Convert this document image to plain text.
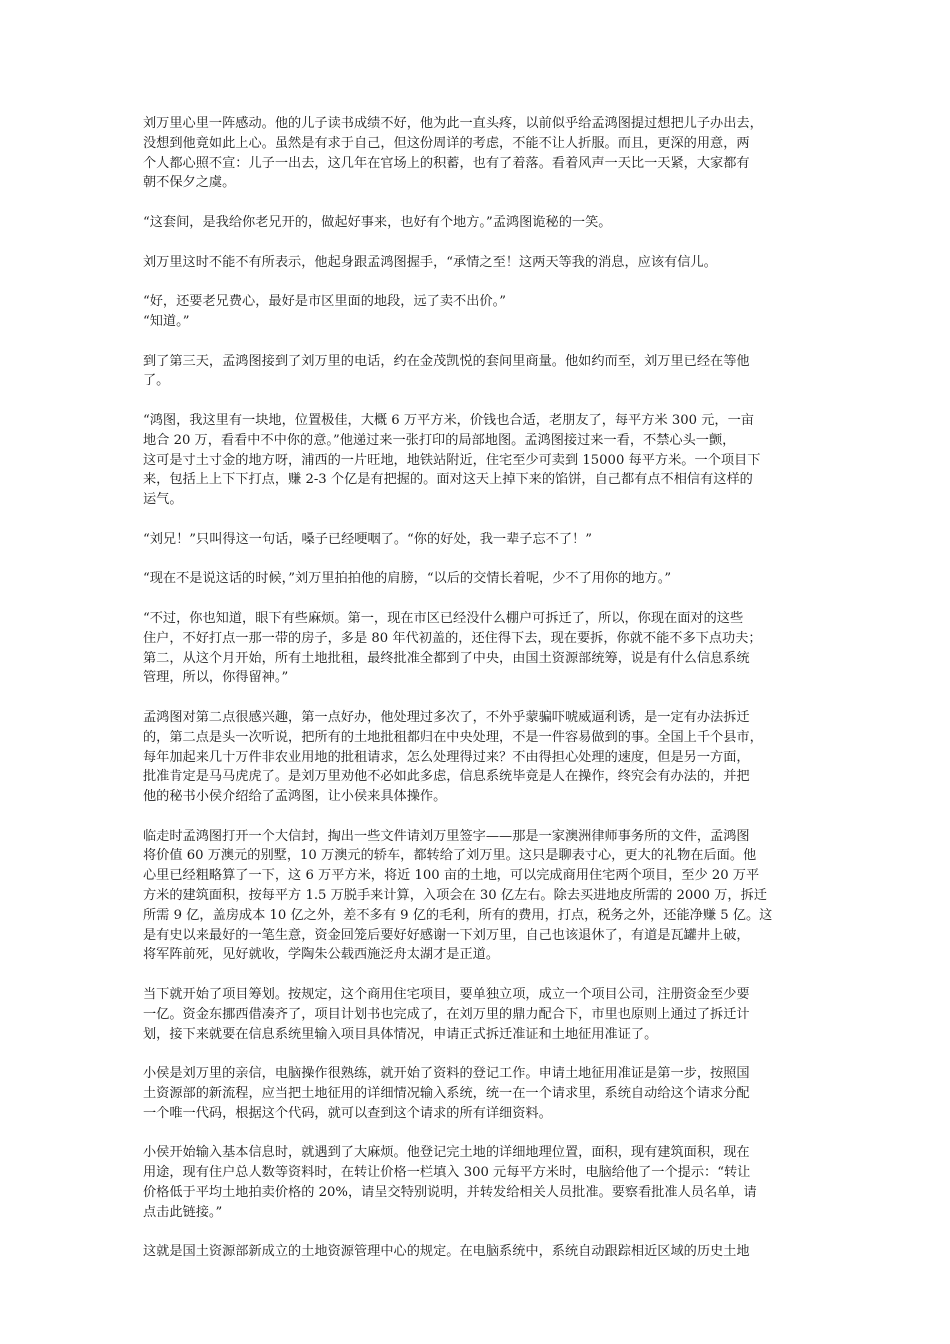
刘万里心里一阵感动。他的儿子读书成绩不好，他为此一直头疼，以前似乎给孟鸿图提过想把儿子办出去，
没想到他竟如此上心。虽然是有求于自己，但这份周详的考虑，不能不让人折服。而且，更深的用意，两
个人都心照不宣：儿子一出去，这几年在官场上的积蓄，也有了着落。看着风声一天比一天紧，大家都有
朝不保夕之虞。

“这套间，是我给你老兄开的，做起好事来，也好有个地方。”孟鸿图诡秘的一笑。

刘万里这时不能不有所表示，他起身跟孟鸿图握手，“承情之至！这两天等我的消息，应该有信儿。

“好，还要老兄费心，最好是市区里面的地段，远了卖不出价。”

“知道。”

到了第三天，孟鸿图接到了刘万里的电话，约在金茂凯悦的套间里商量。他如约而至，刘万里已经在等他
了。

“鸿图，我这里有一块地，位置极佳，大概 6 万平方米，价钱也合适，老朋友了，每平方米 300 元，一亩
地合 20 万，看看中不中你的意。”他递过来一张打印的局部地图。孟鸿图接过来一看，不禁心头一颤，
这可是寸土寸金的地方呀，浦西的一片旺地，地铁站附近，住宅至少可卖到 15000 每平方米。一个项目下
来，包括上上下下打点，赚 2-3 个亿是有把握的。面对这天上掉下来的馅饼，自己都有点不相信有这样的
运气。

“刘兄！”只叫得这一句话，嗓子已经哽咽了。“你的好处，我一辈子忘不了！”

“现在不是说这话的时候，”刘万里拍拍他的肩膀，“以后的交情长着呢，少不了用你的地方。”

“不过，你也知道，眼下有些麻烦。第一，现在市区已经没什么棚户可拆迁了，所以，你现在面对的这些
住户，不好打点一那一带的房子，多是 80 年代初盖的，还住得下去，现在要拆，你就不能不多下点功夫；
第二，从这个月开始，所有土地批租，最终批准全都到了中央，由国土资源部统筹，说是有什么信息系统
管理，所以，你得留神。”

孟鸿图对第二点很感兴趣，第一点好办，他处理过多次了，不外乎蒙骗吓唬威逼利诱，是一定有办法拆迁
的，第二点是头一次听说，把所有的土地批租都归在中央处理，不是一件容易做到的事。全国上千个县市，
每年加起来几十万件非农业用地的批租请求，怎么处理得过来？不由得担心处理的速度，但是另一方面，
批准肯定是马马虎虎了。是刘万里劝他不必如此多虑，信息系统毕竟是人在操作，终究会有办法的，并把
他的秘书小侯介绍给了孟鸿图，让小侯来具体操作。

临走时孟鸿图打开一个大信封，掏出一些文件请刘万里签字——那是一家澳洲律师事务所的文件，孟鸿图
将价值 60 万澳元的别墅，10 万澳元的轿车，都转给了刘万里。这只是聊表寸心，更大的礼物在后面。他
心里已经粗略算了一下，这 6 万平方米，将近 100 亩的土地，可以完成商用住宅两个项目，至少 20 万平
方米的建筑面积，按每平方 1.5 万脱手来计算，入项会在 30 亿左右。除去买进地皮所需的 2000 万，拆迁
所需 9 亿，盖房成本 10 亿之外，差不多有 9 亿的毛利，所有的费用，打点，税务之外，还能净赚 5 亿。这
是有史以来最好的一笔生意，资金回笼后要好好感谢一下刘万里，自己也该退休了，有道是瓦罐井上破，
将军阵前死，见好就收，学陶朱公载西施泛舟太湖才是正道。

当下就开始了项目筹划。按规定，这个商用住宅项目，要单独立项，成立一个项目公司，注册资金至少要
一亿。资金东挪西借凑齐了，项目计划书也完成了，在刘万里的鼎力配合下，市里也原则上通过了拆迁计
划，接下来就要在信息系统里输入项目具体情况，申请正式拆迁准证和土地征用准证了。

小侯是刘万里的亲信，电脑操作很熟练，就开始了资料的登记工作。申请土地征用准证是第一步，按照国
土资源部的新流程，应当把土地征用的详细情况输入系统，统一在一个请求里，系统自动给这个请求分配
一个唯一代码，根据这个代码，就可以查到这个请求的所有详细资料。

小侯开始输入基本信息时，就遇到了大麻烦。他登记完土地的详细地理位置，面积，现有建筑面积，现在
用途，现有住户总人数等资料时，在转让价格一栏填入 300 元每平方米时，电脑给他了一个提示：“转让
价格低于平均土地拍卖价格的 20%，请呈交特别说明，并转发给相关人员批准。要察看批准人员名单，请
点击此链接。”

这就是国土资源部新成立的土地资源管理中心的规定。在电脑系统中，系统自动跟踪相近区域的历史土地
